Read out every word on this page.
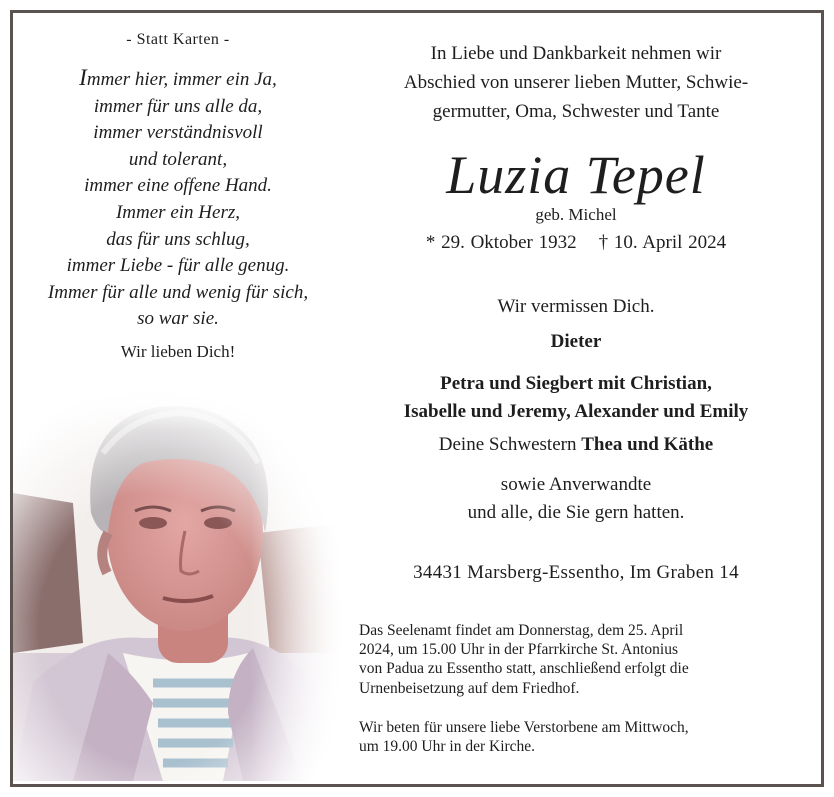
- Statt Karten -
Immer hier, immer ein Ja,
immer für uns alle da,
immer verständnisvoll
und tolerant,
immer eine offene Hand.
Immer ein Herz,
das für uns schlug,
immer Liebe - für alle genug.
Immer für alle und wenig für sich,
so war sie.
Wir lieben Dich!
In Liebe und Dankbarkeit nehmen wir
Abschied von unserer lieben Mutter, Schwie-
germutter, Oma, Schwester und Tante
Luzia Tepel
geb. Michel
* 29. Oktober 1932 † 10. April 2024
Wir vermissen Dich.
Dieter
Petra und Siegbert mit Christian,
Isabelle und Jeremy, Alexander und Emily
Deine Schwestern Thea und Käthe
sowie Anverwandte
und alle, die Sie gern hatten.
34431 Marsberg-Essentho, Im Graben 14
Das Seelenamt findet am Donnerstag, dem 25. April
2024, um 15.00 Uhr in der Pfarrkirche St. Antonius
von Padua zu Essentho statt, anschließend erfolgt die
Urnenbeisetzung auf dem Friedhof.
Wir beten für unsere liebe Verstorbene am Mittwoch,
um 19.00 Uhr in der Kirche.
